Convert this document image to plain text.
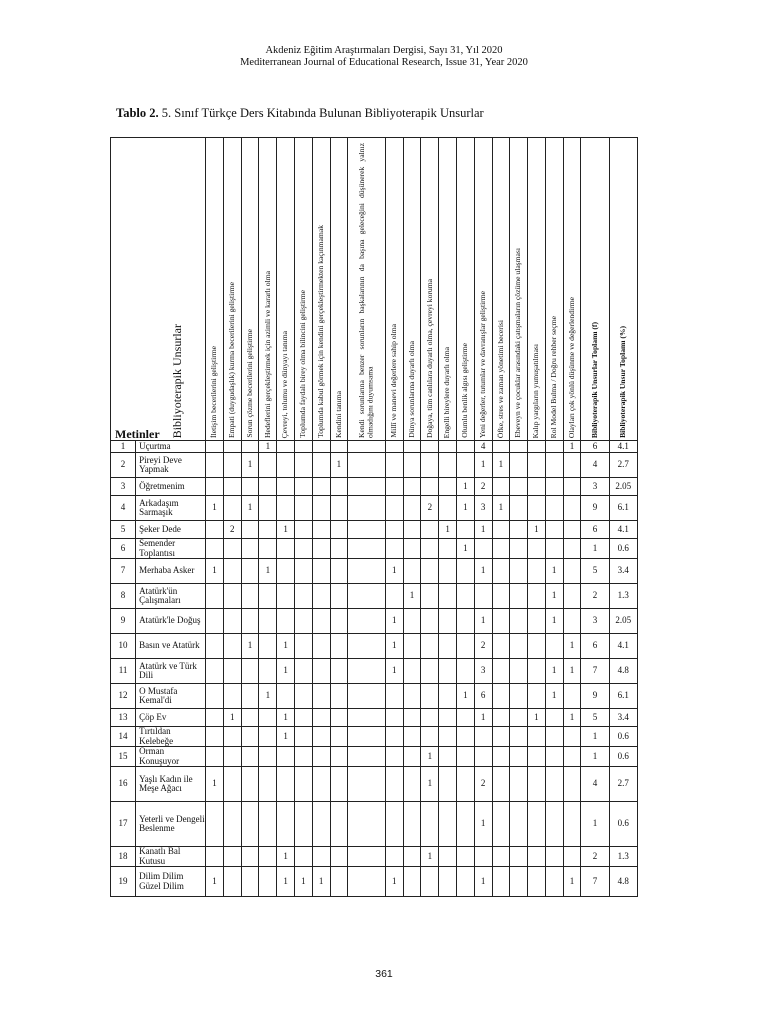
Akdeniz Eğitim Araştırmaları Dergisi, Sayı 31, Yıl 2020
Mediterranean Journal of Educational Research, Issue 31, Year 2020
Tablo 2. 5. Sınıf Türkçe Ders Kitabında Bulunan Bibliyoterapik Unsurlar
Bibliyoterapik Unsurlar
Metinler		İletişim becerilerini geliştirme	Empati (duygudaşlık) kurma becerilerini geliştirme	Sorun çözme becerilerini geliştirme	Hedeflerini gerçekleştirmek için azimli ve kararlı olma	Çevreyi, tolumu ve dünyayı tanıma	Toplumda faydalı birey olma bilincini geliştirme	Toplumda kabul görmek için kendini gerçekleştirmekten kaçınmamak	Kendini tanıma	Kendi sorunlarına benzer sorunların başkalarının da başına geleceğini düşünerek yalnız olmadığını duyumsama	Millî ve manevi değerlere sahip olma	Dünya sorunlarına duyarlı olma	Doğaya, tüm canlılara duyarlı olma, çevreyi koruma	Engelli bireylere duyarlı olma	Olumlu benlik algısı geliştirme	Yeni değerler, tutumlar ve davranışlar geliştirme	Öfke, stres ve zaman yönetimi becerisi	Ebeveyn ve çocuklar arasındaki çatışmaların çözüme ulaşması	Kalıp yargıların yumuşatılması	Rol Model Bulma / Doğru rehber seçme	Olayları çok yönlü düşünme ve değerlendirme	Bibliyoterapik Unsurlar Toplamı (f)	Bibliyoterapik Unsur Toplamı (%)

1	Uçurtma				1											4					1	6	4.1
2	Pireyi Deve Yapmak			1					1							1	1					4	2.7
3	Öğretmenim														1	2						3	2.05
4	Arkadaşım Sarmaşık	1		1									2		1	3	1					9	6.1
5	Şeker Dede		2			1								1		1			1			6	4.1
6	Semender Toplantısı														1							1	0.6
7	Merhaba Asker	1			1						1					1				1		5	3.4
8	Atatürk'ün Çalışmaları											1								1		2	1.3
9	Atatürk'le Doğuş										1					1				1		3	2.05
10	Basın ve Atatürk			1		1					1					2					1	6	4.1
11	Atatürk ve Türk Dili					1					1					3				1	1	7	4.8
12	O Mustafa Kemal'di				1										1	6				1		9	6.1
13	Çöp Ev		1			1										1			1		1	5	3.4
14	Tırtıldan Kelebeğe					1																1	0.6
15	Orman Konuşuyor												1									1	0.6
16	Yaşlı Kadın ile Meşe Ağacı	1											1			2						4	2.7
17	Yeterli ve Dengeli Beslenme															1						1	0.6
18	Kanatlı Bal Kutusu					1							1									2	1.3
19	Dilim Dilim Güzel Dilim	1				1	1	1			1					1					1	7	4.8
361
